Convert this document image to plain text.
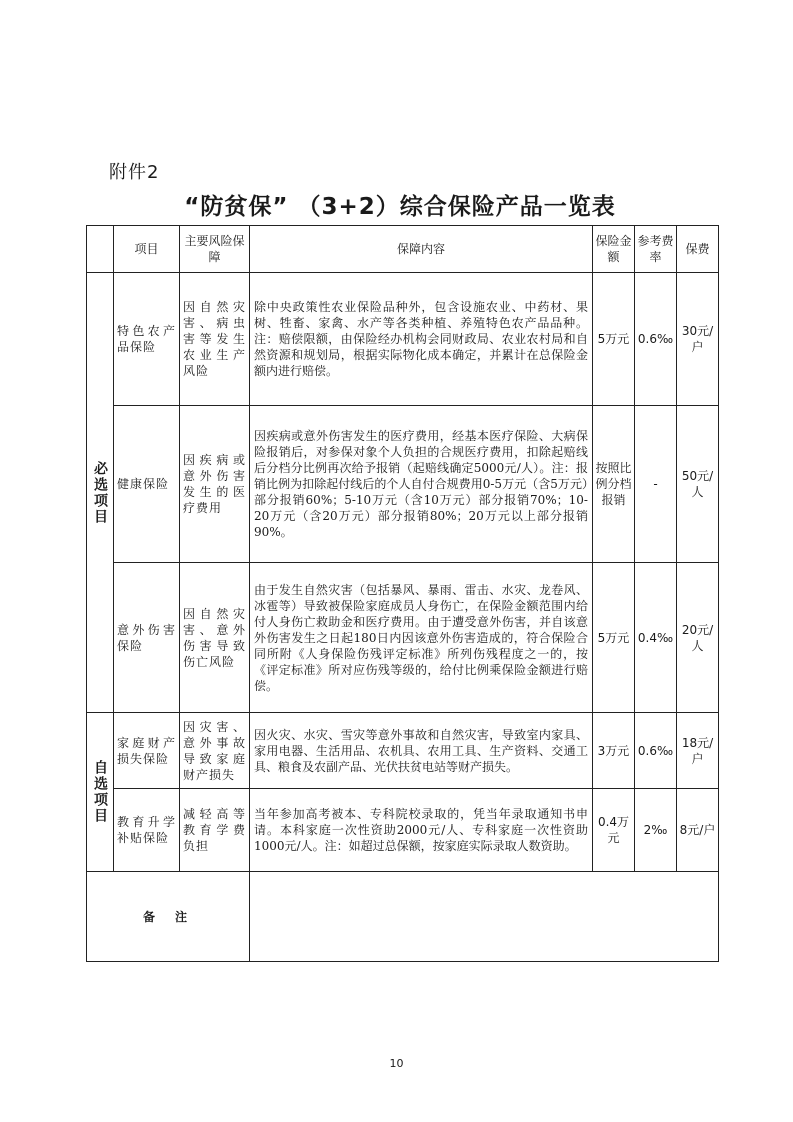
附件2
“防贫保” （3+2）综合保险产品一览表
	项目	主要风险保障	保障内容	保险金额	参考费率	保费

必选项目	特色农产品保险	因自然灾害、病虫害等发生农业生产风险	除中央政策性农业保险品种外，包含设施农业、中药材、果树、牲畜、家禽、水产等各类种植、养殖特色农产品品种。注：赔偿限额，由保险经办机构会同财政局、农业农村局和自然资源和规划局，根据实际物化成本确定，并累计在总保险金额内进行赔偿。	5万元	0.6‰	30元/户
	健康保险	因疾病或意外伤害发生的医疗费用	因疾病或意外伤害发生的医疗费用，经基本医疗保险、大病保险报销后，对参保对象个人负担的合规医疗费用，扣除起赔线后分档分比例再次给予报销（起赔线确定5000元/人）。注：报销比例为扣除起付线后的个人自付合规费用0-5万元（含5万元）部分报销60%；5-10万元（含10万元）部分报销70%；10-20万元（含20万元）部分报销80%；20万元以上部分报销90%。	按照比例分档报销	-	50元/人
	意外伤害保险	因自然灾害、意外伤害导致伤亡风险	由于发生自然灾害（包括暴风、暴雨、雷击、水灾、龙卷风、冰雹等）导致被保险家庭成员人身伤亡，在保险金额范围内给付人身伤亡救助金和医疗费用。由于遭受意外伤害，并自该意外伤害发生之日起180日内因该意外伤害造成的，符合保险合同所附《人身保险伤残评定标准》所列伤残程度之一的，按《评定标准》所对应伤残等级的，给付比例乘保险金额进行赔偿。	5万元	0.4‰	20元/人

自选项目	家庭财产损失保险	因灾害、意外事故导致家庭财产损失	因火灾、水灾、雪灾等意外事故和自然灾害，导致室内家具、家用电器、生活用品、农机具、农用工具、生产资料、交通工具、粮食及农副产品、光伏扶贫电站等财产损失。	3万元	0.6‰	18元/户
	教育升学补贴保险	减轻高等教育学费负担	当年参加高考被本、专科院校录取的，凭当年录取通知书申请。本科家庭一次性资助2000元/人、专科家庭一次性资助1000元/人。注：如超过总保额，按家庭实际录取人数资助。	0.4万元	2‰	8元/户
备注						
10
